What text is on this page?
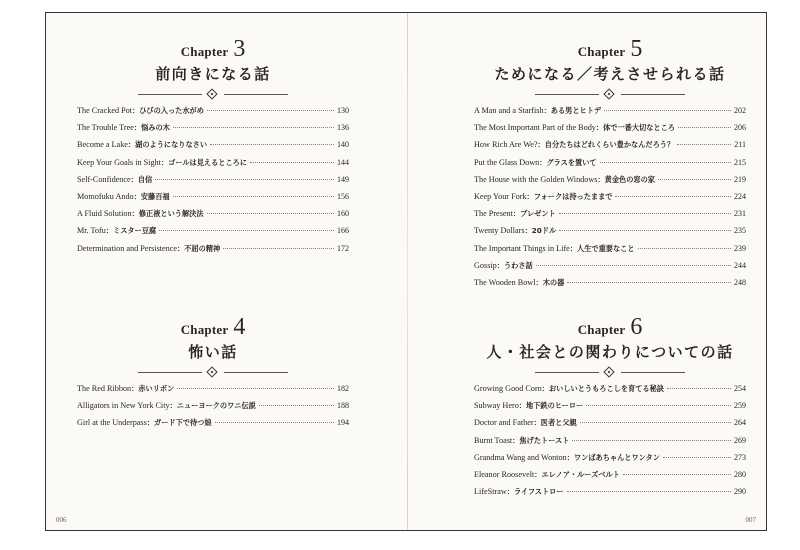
Chapter 3
前向きになる話
The Cracked Pot ： ひびの入った水がめ	130
The Trouble Tree ： 悩みの木	136
Become a Lake ： 湖のようになりなさい	140
Keep Your Goals in Sight ： ゴールは見えるところに	144
Self-Confidence ： 自信	149
Momofuku Ando ： 安藤百福	156
A Fluid Solution ： 修正液という解決法	160
Mr. Tofu ： ミスター豆腐	166
Determination and Persistence ： 不屈の精神	172
Chapter 4
怖い話
The Red Ribbon ： 赤いリボン	182
Alligators in New York City ： ニューヨークのワニ伝説	188
Girl at the Underpass ： ガード下で待つ娘	194
Chapter 5
ためになる／考えさせられる話
A Man and a Starfish ： ある男とヒトデ	202
The Most Important Part of the Body ： 体で一番大切なところ	206
How Rich Are We? ： 自分たちはどれくらい豊かなんだろう？	211
Put the Glass Down ： グラスを置いて	215
The House with the Golden Windows ： 黄金色の窓の家	219
Keep Your Fork ： フォークは持ったままで	224
The Present ： プレゼント	231
Twenty Dollars ： 20ドル	235
The Important Things in Life ： 人生で重要なこと	239
Gossip ： うわさ話	244
The Wooden Bowl ： 木の器	248
Chapter 6
人・社会との関わりについての話
Growing Good Corn ： おいしいとうもろこしを育てる秘訣	254
Subway Hero ： 地下鉄のヒーロー	259
Doctor and Father ： 医者と父親	264
Burnt Toast ： 焦げたトースト	269
Grandma Wang and Wonton ： ワンばあちゃんとワンタン	273
Eleanor Roosevelt ： エレノア・ルーズベルト	280
LifeStraw ： ライフストロー	290
006	007
